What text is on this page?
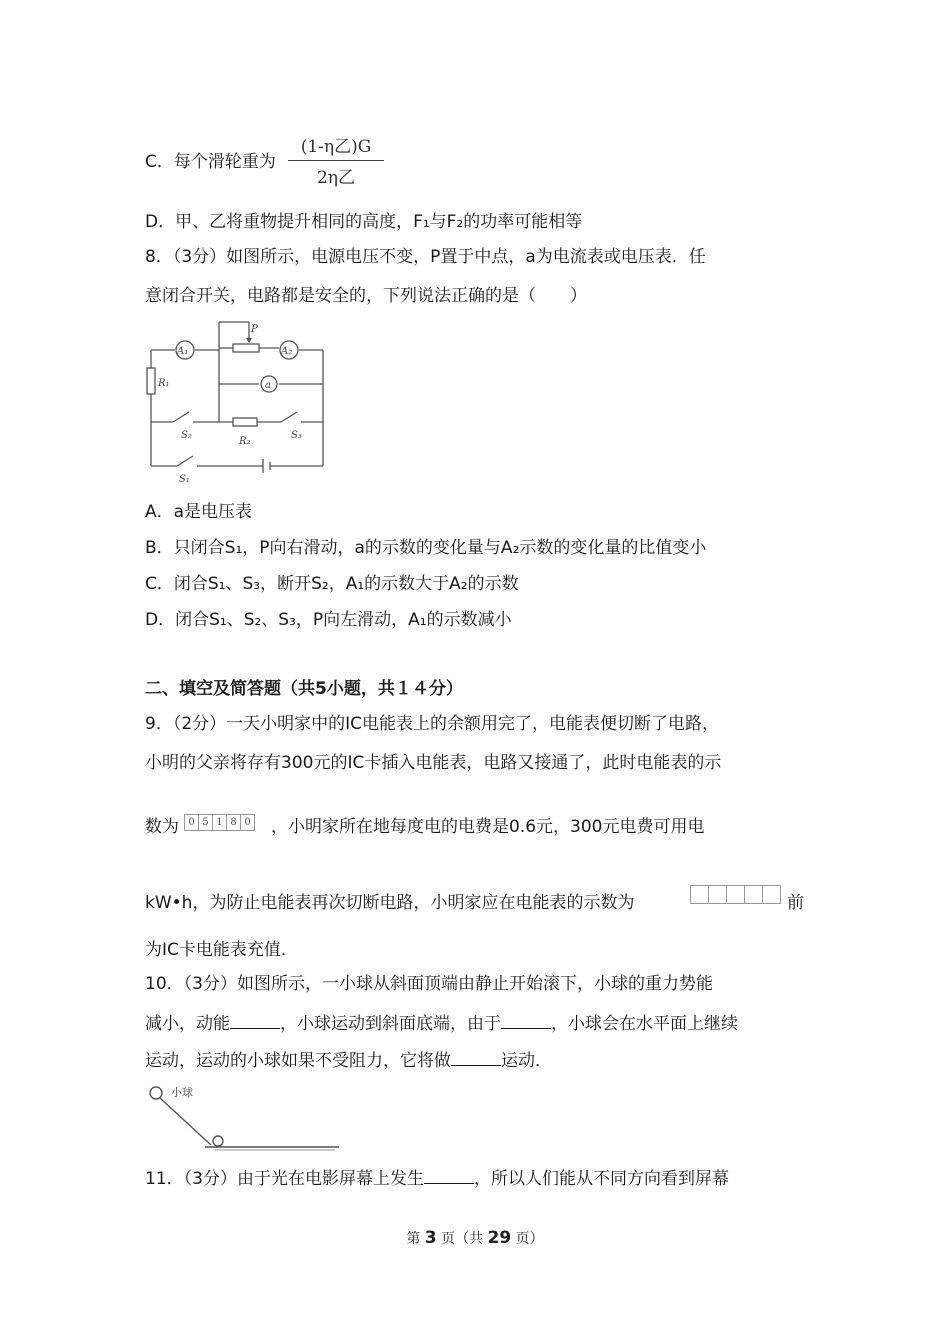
C．每个滑轮重为
(1-η乙)G
2η乙
D．甲、乙将重物提升相同的高度，F₁与F₂的功率可能相等
8．（3分）如图所示，电源电压不变，P置于中点，a为电流表或电压表．任
意闭合开关，电路都是安全的，下列说法正确的是（　　）
A₁	A₂
P
a
R₁
R₂
S₂	S₃
S₁
A．a是电压表
B．只闭合S₁，P向右滑动，a的示数的变化量与A₂示数的变化量的比值变小
C．闭合S₁、S₃，断开S₂，A₁的示数大于A₂的示数
D．闭合S₁、S₂、S₃，P向左滑动，A₁的示数减小
二、填空及简答题（共5小题，共１４分）
9．（2分）一天小明家中的IC电能表上的余额用完了，电能表便切断了电路，
小明的父亲将存有300元的IC卡插入电能表，电路又接通了，此时电能表的示
数为 0 5 1 8 0 ，小明家所在地每度电的电费是0.6元，300元电费可用电
kW•h，为防止电能表再次切断电路，小明家应在电能表的示数为	前
为IC卡电能表充值．
10．（3分）如图所示，一小球从斜面顶端由静止开始滚下，小球的重力势能
减小，动能	，小球运动到斜面底端，由于	，小球会在水平面上继续
运动，运动的小球如果不受阻力，它将做	运动．
小球
11．（3分）由于光在电影屏幕上发生	，所以人们能从不同方向看到屏幕
第 3 页（共 29 页）
